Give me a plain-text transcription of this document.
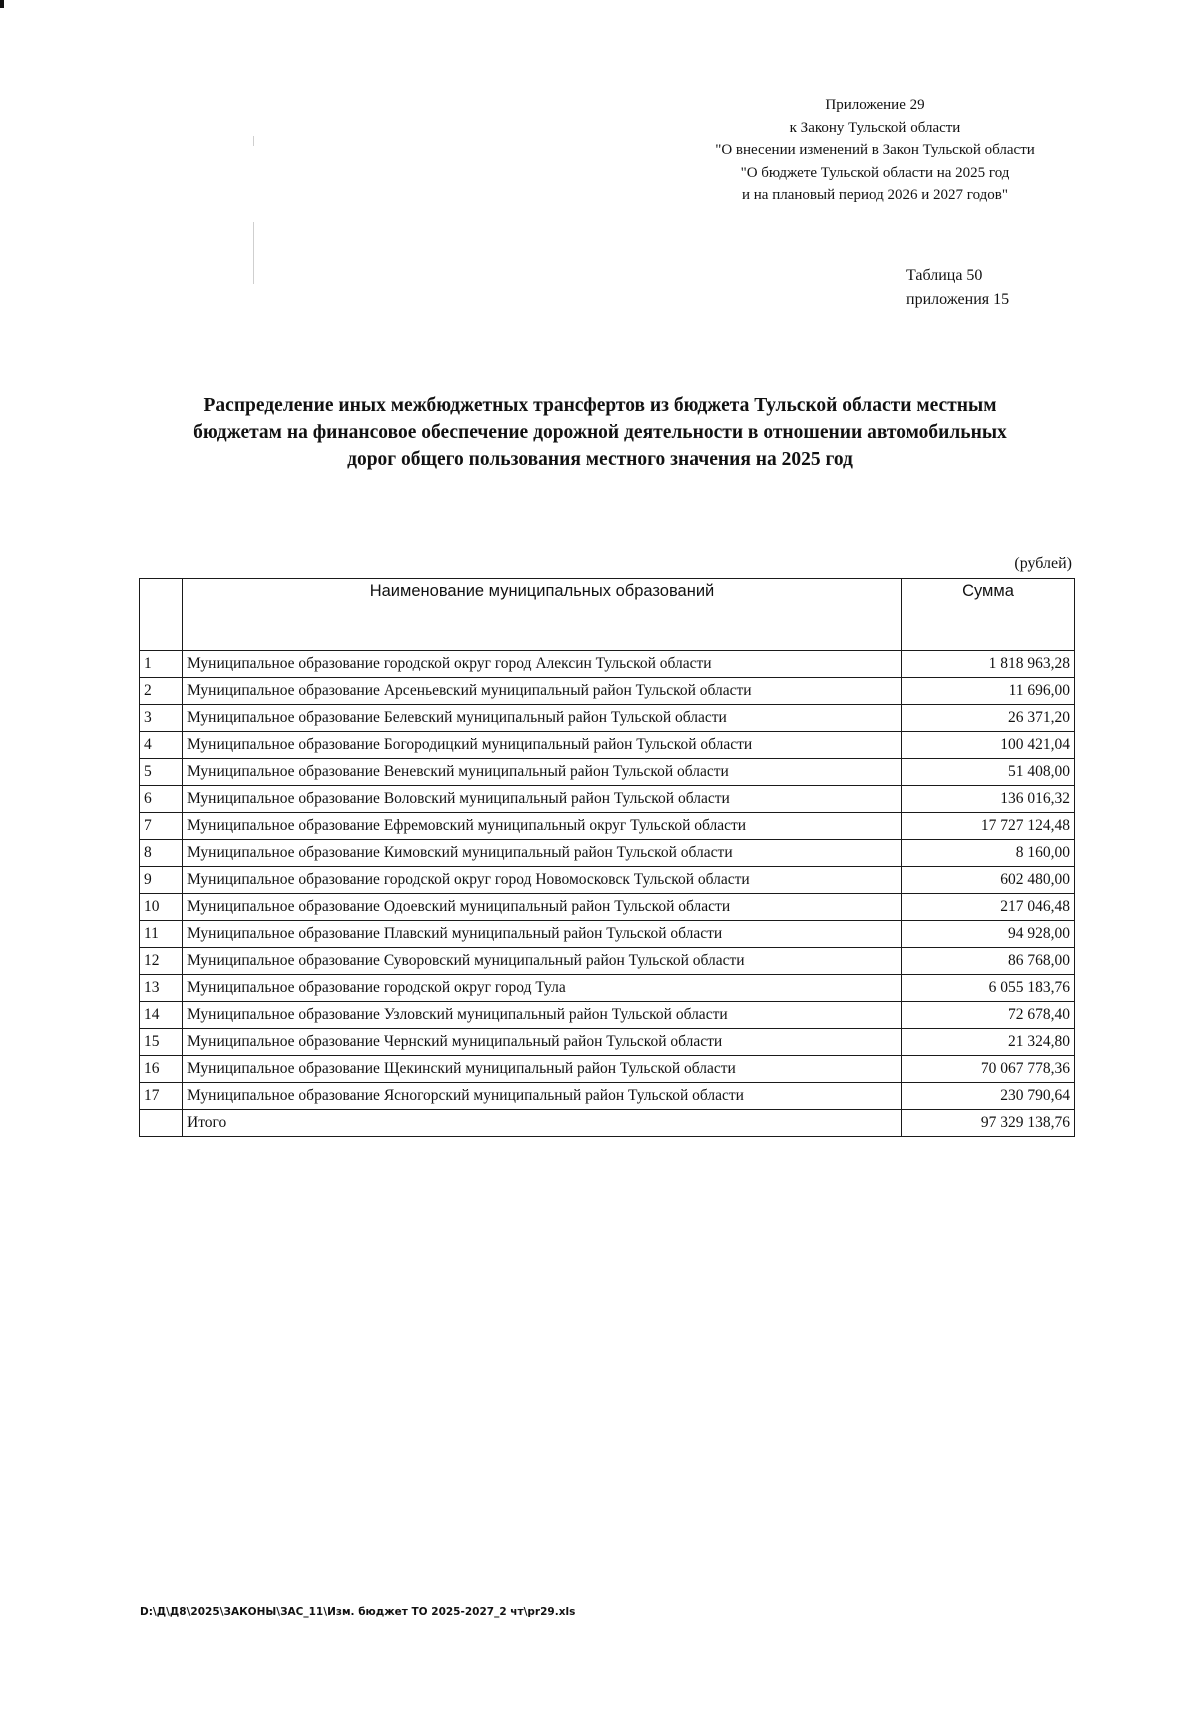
Приложение 29
к Закону Тульской области
"О внесении изменений в Закон Тульской области
"О бюджете Тульской области на 2025 год
и на плановый период 2026 и 2027 годов"
Таблица 50
приложения 15
Распределение иных межбюджетных трансфертов из бюджета Тульской области местным
бюджетам на финансовое обеспечение дорожной деятельности в отношении автомобильных
дорог общего пользования местного значения на 2025 год
(рублей)
	Наименование муниципальных образований	Сумма
1	Муниципальное образование городской округ город Алексин Тульской области	1 818 963,28
2	Муниципальное образование Арсеньевский муниципальный район Тульской области	11 696,00
3	Муниципальное образование Белевский муниципальный район Тульской области	26 371,20
4	Муниципальное образование Богородицкий муниципальный район Тульской области	100 421,04
5	Муниципальное образование Веневский муниципальный район Тульской области	51 408,00
6	Муниципальное образование Воловский муниципальный район Тульской области	136 016,32
7	Муниципальное образование Ефремовский муниципальный округ Тульской области	17 727 124,48
8	Муниципальное образование Кимовский муниципальный район Тульской области	8 160,00
9	Муниципальное образование городской округ город Новомосковск Тульской области	602 480,00
10	Муниципальное образование Одоевский муниципальный район Тульской области	217 046,48
11	Муниципальное образование Плавский муниципальный район Тульской области	94 928,00
12	Муниципальное образование Суворовский муниципальный район Тульской области	86 768,00
13	Муниципальное образование городской округ город Тула	6 055 183,76
14	Муниципальное образование Узловский муниципальный район Тульской области	72 678,40
15	Муниципальное образование Чернский муниципальный район Тульской области	21 324,80
16	Муниципальное образование Щекинский муниципальный район Тульской области	70 067 778,36
17	Муниципальное образование Ясногорский муниципальный район Тульской области	230 790,64
	Итого	97 329 138,76
D:\Д\Д8\2025\ЗАКОНЫ\ЗАС_11\Изм. бюджет ТО 2025-2027_2 чт\pr29.xls
